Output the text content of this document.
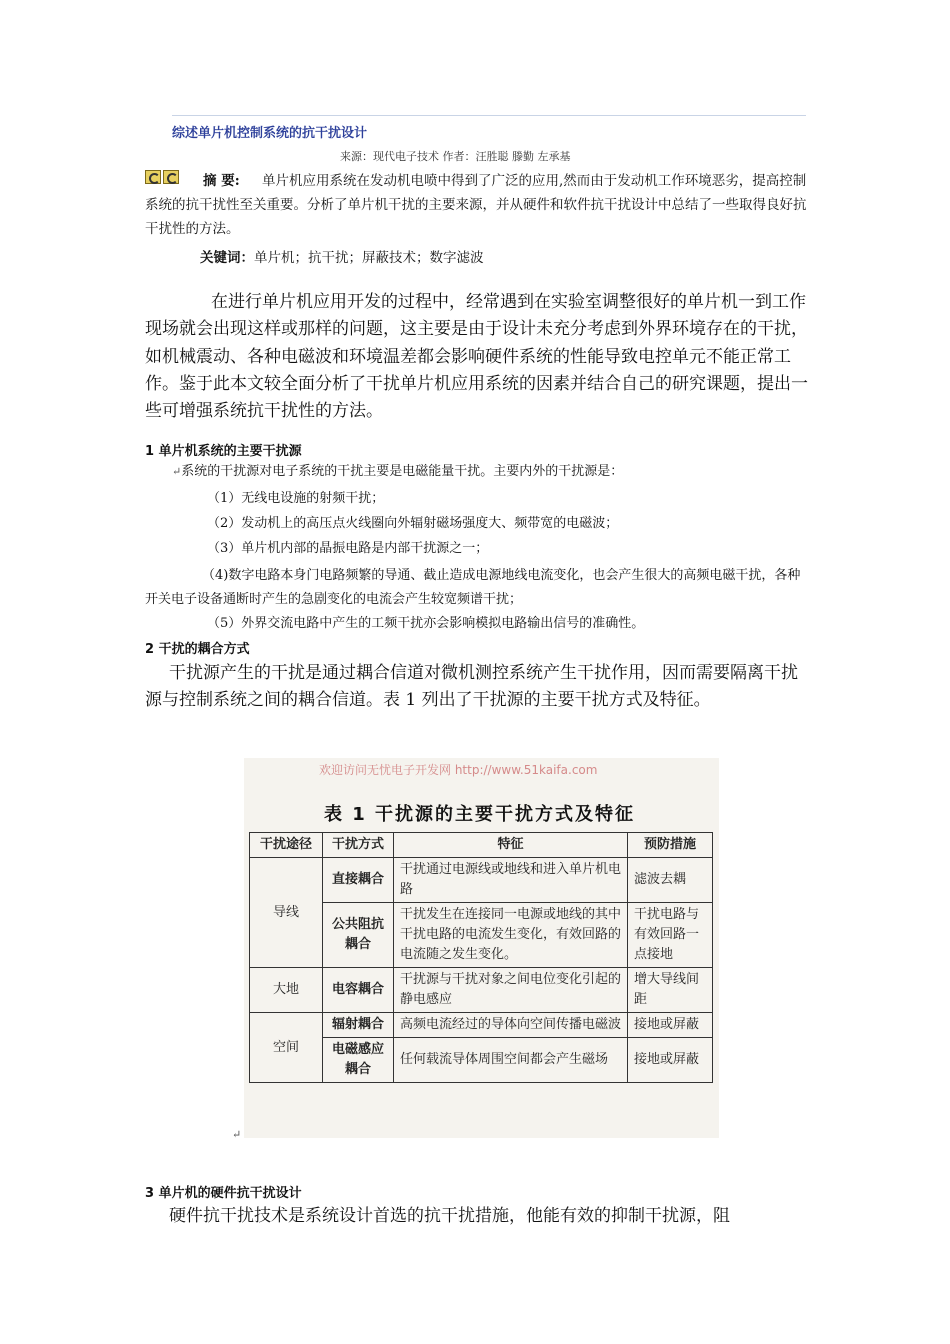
综述单片机控制系统的抗干扰设计
来源：现代电子技术 作者：汪胜聪 滕勤 左承基
单片机应用系统在发动机电喷中得到了广泛的应用,然而由于发动机工作环境恶劣，提高控制系统的抗干扰性至关重要。分析了单片机干扰的主要来源，并从硬件和软件抗干扰设计中总结了一些取得良好抗干扰性的方法。
摘 要:
关键词：单片机；抗干扰；屏蔽技术；数字滤波
在进行单片机应用开发的过程中，经常遇到在实验室调整很好的单片机一到工作现场就会出现这样或那样的问题，这主要是由于设计未充分考虑到外界环境存在的干扰，如机械震动、各种电磁波和环境温差都会影响硬件系统的性能导致电控单元不能正常工作。鉴于此本文较全面分析了干扰单片机应用系统的因素并结合自己的研究课题，提出一些可增强系统抗干扰性的方法。
1 单片机系统的主要干扰源
↵系统的干扰源对电子系统的干扰主要是电磁能量干扰。主要内外的干扰源是：
（1）无线电设施的射频干扰；
（2）发动机上的高压点火线圈向外辐射磁场强度大、频带宽的电磁波；
（3）单片机内部的晶振电路是内部干扰源之一；
（4)数字电路本身门电路频繁的导通、截止造成电源地线电流变化，也会产生很大的高频电磁干扰，各种开关电子设备通断时产生的急剧变化的电流会产生较宽频谱干扰；
（5）外界交流电路中产生的工频干扰亦会影响模拟电路输出信号的准确性。
2 干扰的耦合方式
干扰源产生的干扰是通过耦合信道对微机测控系统产生干扰作用，因而需要隔离干扰源与控制系统之间的耦合信道。表 1 列出了干扰源的主要干扰方式及特征。
欢迎访问无忧电子开发网 http://www.51kaifa.com
表 1 干扰源的主要干扰方式及特征
干扰途径	干扰方式	特征	预防措施
导线	直接耦合	干扰通过电源线或地线和进入单片机电路	滤波去耦
	公共阻抗耦合	干扰发生在连接同一电源或地线的其中干扰电路的电流发生变化，有效回路的电流随之发生变化。	干扰电路与有效回路一点接地
大地	电容耦合	干扰源与干扰对象之间电位变化引起的静电感应	增大导线间距
空间	辐射耦合	高频电流经过的导体向空间传播电磁波	接地或屏蔽
	电磁感应耦合	任何载流导体周围空间都会产生磁场	接地或屏蔽
↵
3 单片机的硬件抗干扰设计
硬件抗干扰技术是系统设计首选的抗干扰措施，他能有效的抑制干扰源，阻
